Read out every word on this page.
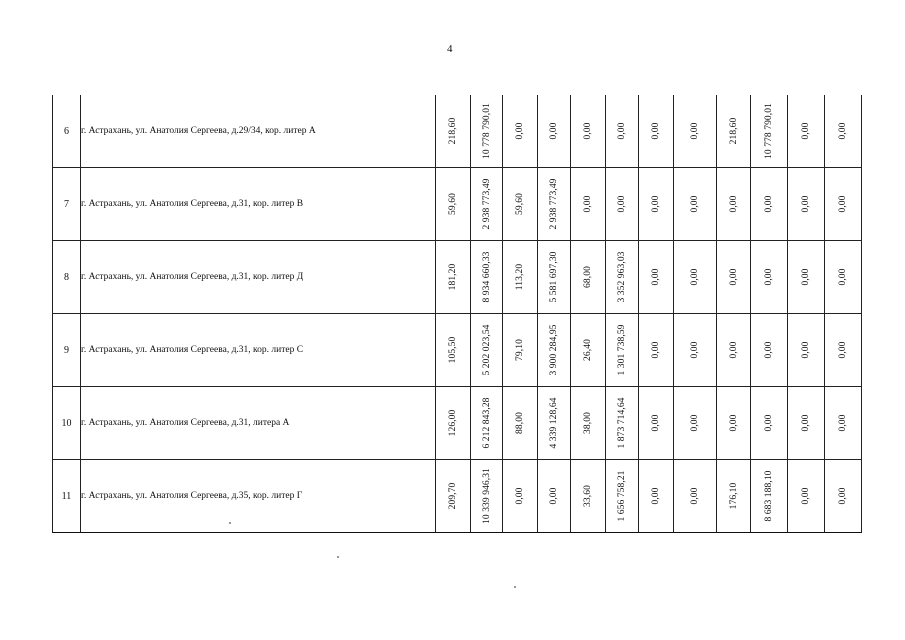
4
6	г. Астрахань, ул. Анатолия Сергеева, д.29/34, кор. литер А	218,60	10 778 790,01	0,00	0,00	0,00	0,00	0,00	0,00	218,60	10 778 790,01	0,00	0,00

7	г. Астрахань, ул. Анатолия Сергеева, д.31, кор. литер В	59,60	2 938 773,49	59,60	2 938 773,49	0,00	0,00	0,00	0,00	0,00	0,00	0,00	0,00

8	г. Астрахань, ул. Анатолия Сергеева, д.31, кор. литер Д	181,20	8 934 660,33	113,20	5 581 697,30	68,00	3 352 963,03	0,00	0,00	0,00	0,00	0,00	0,00

9	г. Астрахань, ул. Анатолия Сергеева, д.31, кор. литер С	105,50	5 202 023,54	79,10	3 900 284,95	26,40	1 301 738,59	0,00	0,00	0,00	0,00	0,00	0,00

10	г. Астрахань, ул. Анатолия Сергеева, д.31, литера А	126,00	6 212 843,28	88,00	4 339 128,64	38,00	1 873 714,64	0,00	0,00	0,00	0,00	0,00	0,00

11	г. Астрахань, ул. Анатолия Сергеева, д.35, кор. литер Г	209,70	10 339 946,31	0,00	0,00	33,60	1 656 758,21	0,00	0,00	176,10	8 683 188,10	0,00	0,00
